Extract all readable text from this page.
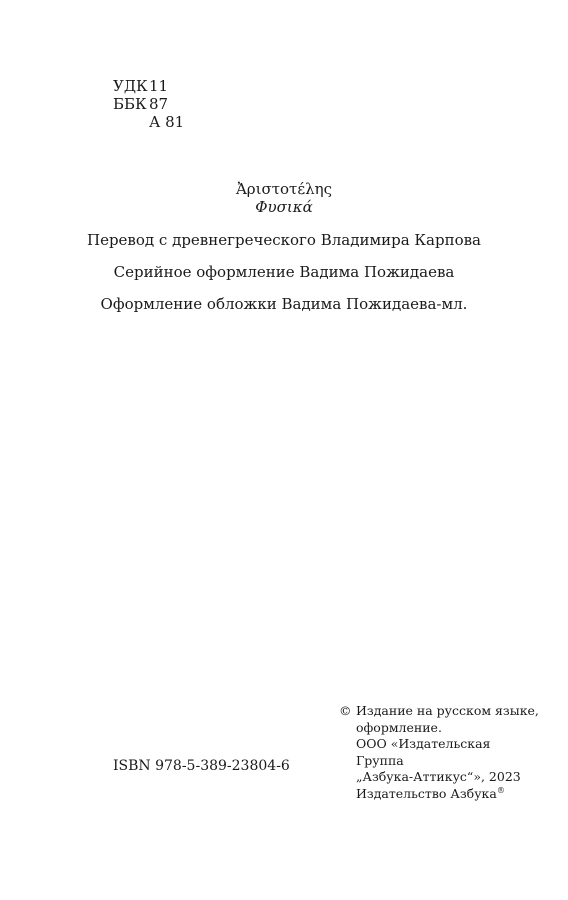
УДК 11
ББК 87
А 81
Ἀριστοτέλης
Φυσικά
Перевод с древнегреческого Владимира Карпова
Серийное оформление Вадима Пожидаева
Оформление обложки Вадима Пожидаева-мл.
ISBN 978-5-389-23804-6
© Издание на русском языке,
оформление.
ООО «Издательская Группа
„Азбука-Аттикус“», 2023
Издательство Азбука®
